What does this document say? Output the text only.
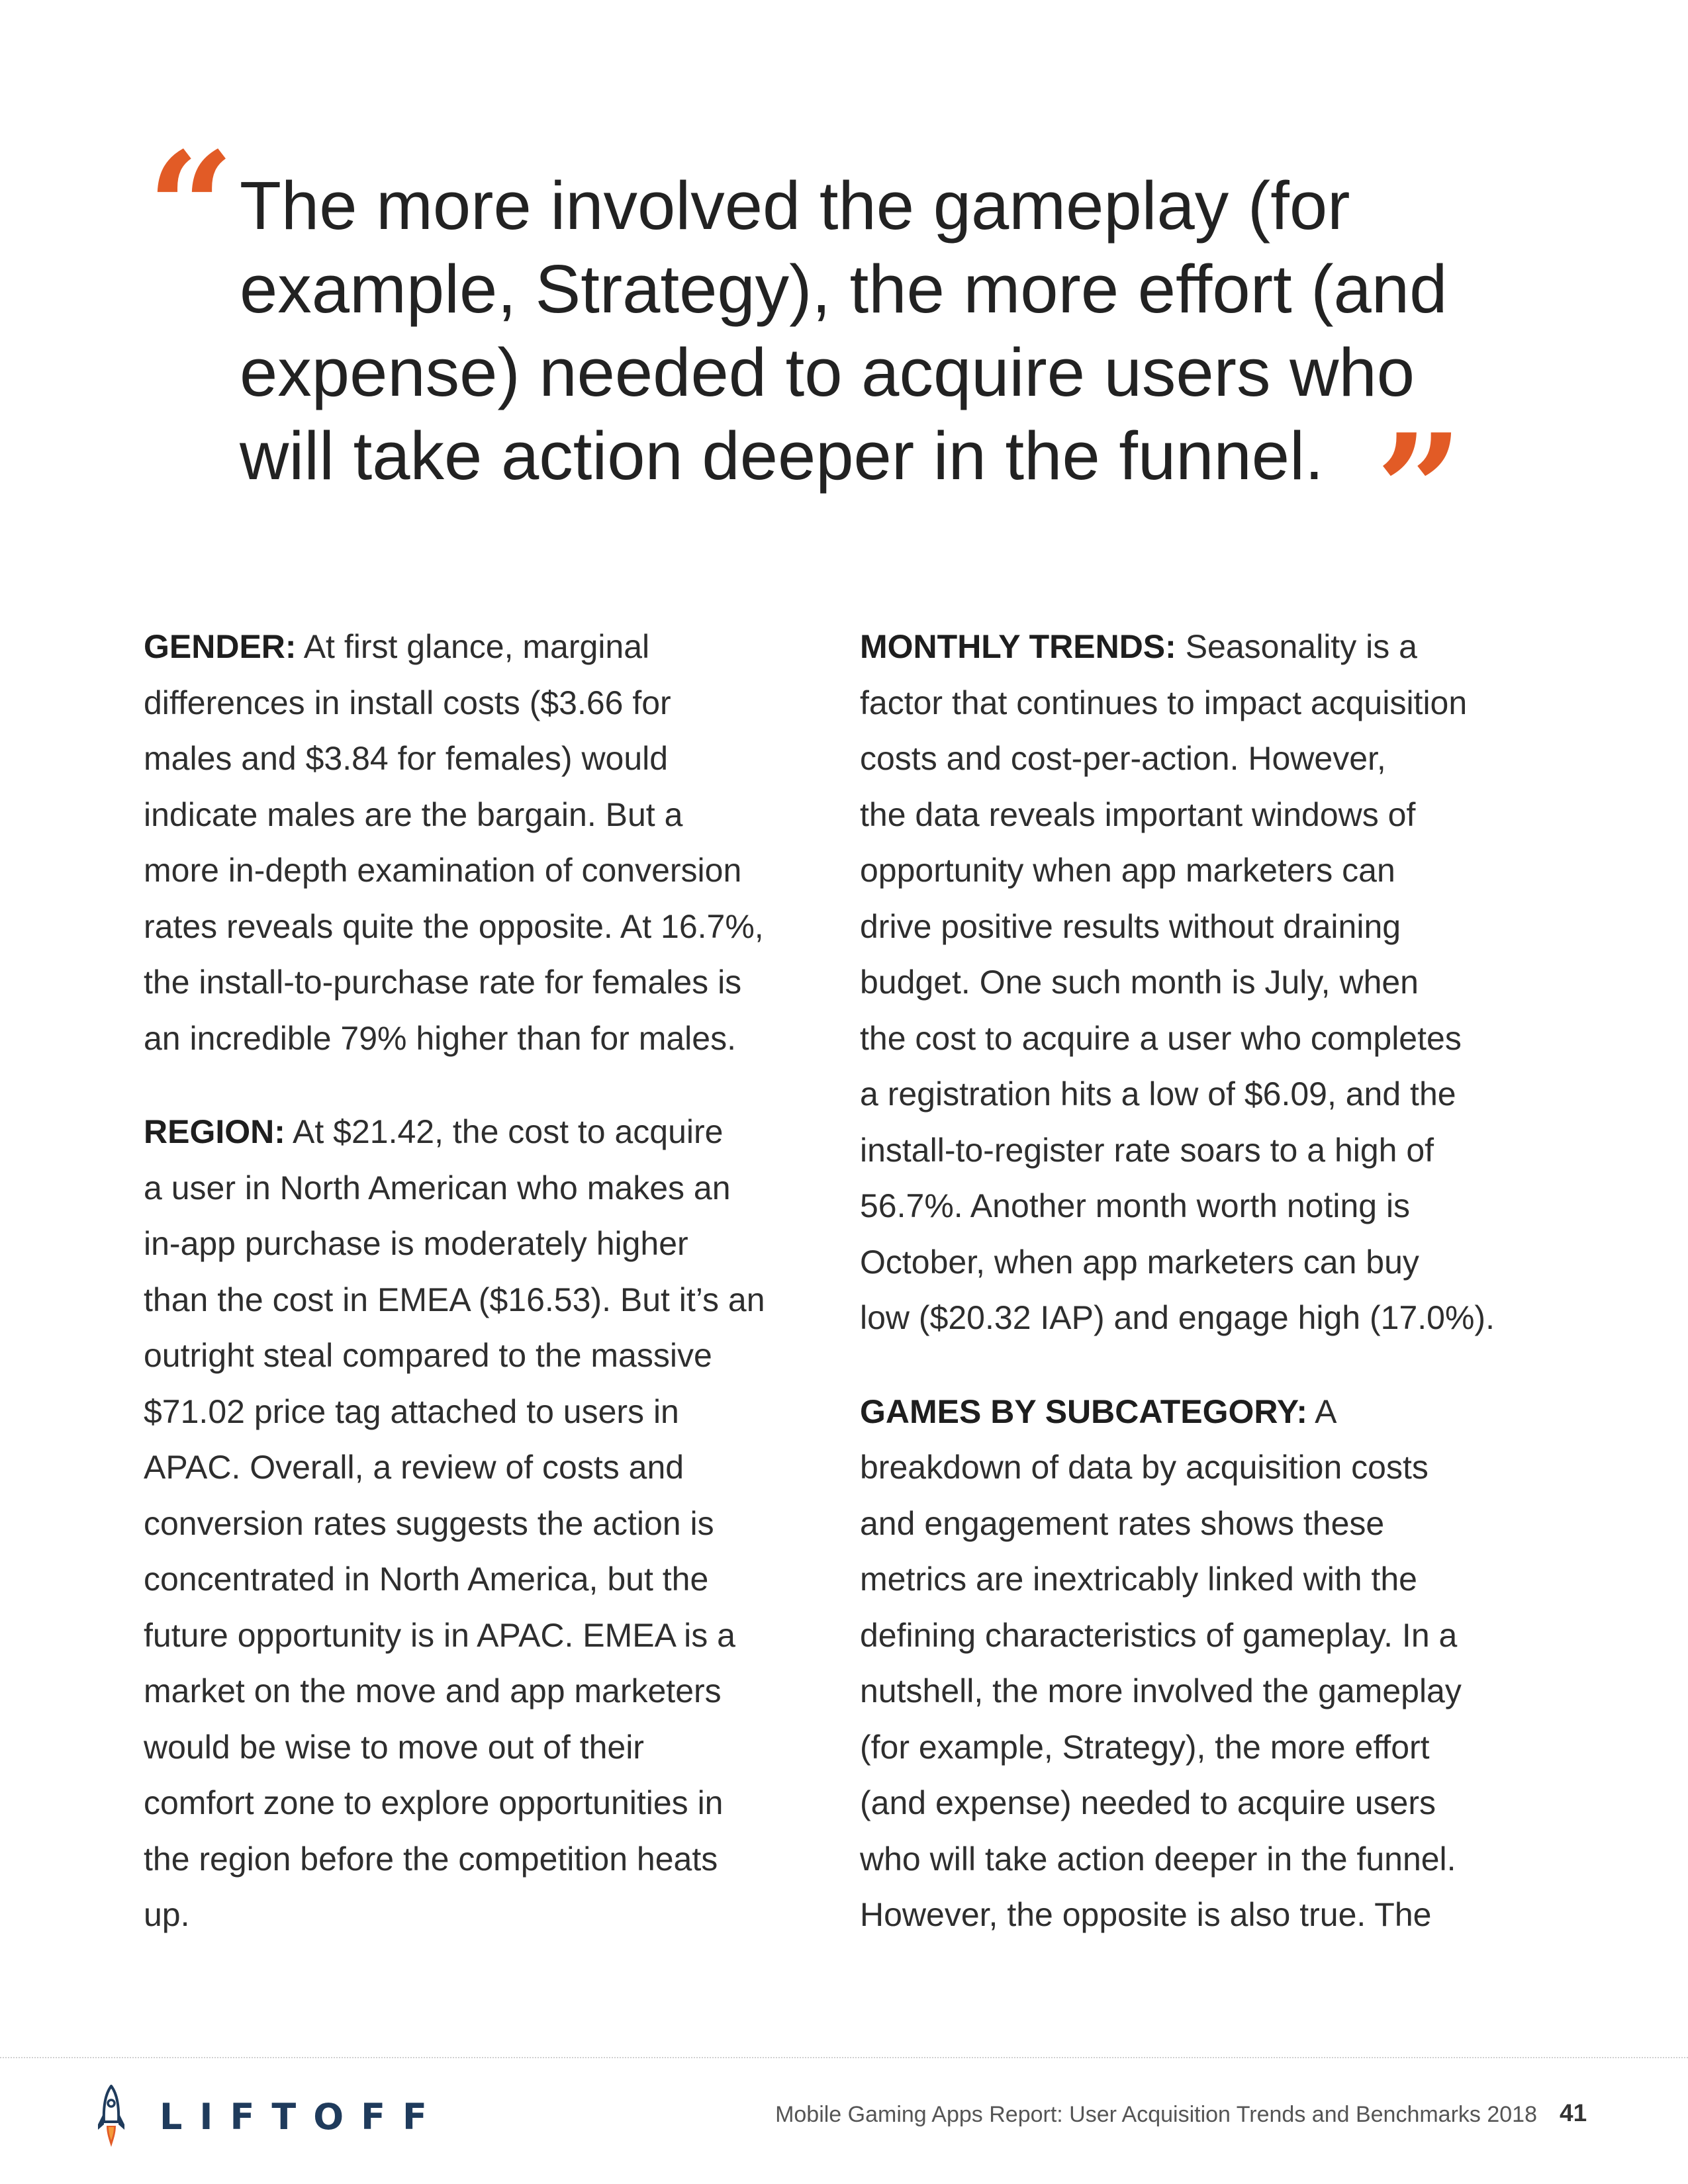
“ The more involved the gameplay (for
example, Strategy), the more effort (and
expense) needed to acquire users who
will take action deeper in the funnel. ”

GENDER: At first glance, marginal
differences in install costs ($3.66 for
males and $3.84 for females) would
indicate males are the bargain. But a
more in-depth examination of conversion
rates reveals quite the opposite. At 16.7%,
the install-to-purchase rate for females is
an incredible 79% higher than for males.

REGION: At $21.42, the cost to acquire
a user in North American who makes an
in-app purchase is moderately higher
than the cost in EMEA ($16.53). But it’s an
outright steal compared to the massive
$71.02 price tag attached to users in
APAC. Overall, a review of costs and
conversion rates suggests the action is
concentrated in North America, but the
future opportunity is in APAC. EMEA is a
market on the move and app marketers
would be wise to move out of their
comfort zone to explore opportunities in
the region before the competition heats
up.

MONTHLY TRENDS: Seasonality is a
factor that continues to impact acquisition
costs and cost-per-action. However,
the data reveals important windows of
opportunity when app marketers can
drive positive results without draining
budget. One such month is July, when
the cost to acquire a user who completes
a registration hits a low of $6.09, and the
install-to-register rate soars to a high of
56.7%. Another month worth noting is
October, when app marketers can buy
low ($20.32 IAP) and engage high (17.0%).

GAMES BY SUBCATEGORY: A
breakdown of data by acquisition costs
and engagement rates shows these
metrics are inextricably linked with the
defining characteristics of gameplay. In a
nutshell, the more involved the gameplay
(for example, Strategy), the more effort
(and expense) needed to acquire users
who will take action deeper in the funnel.
However, the opposite is also true. The

LIFTOFF	Mobile Gaming Apps Report: User Acquisition Trends and Benchmarks 2018 41
